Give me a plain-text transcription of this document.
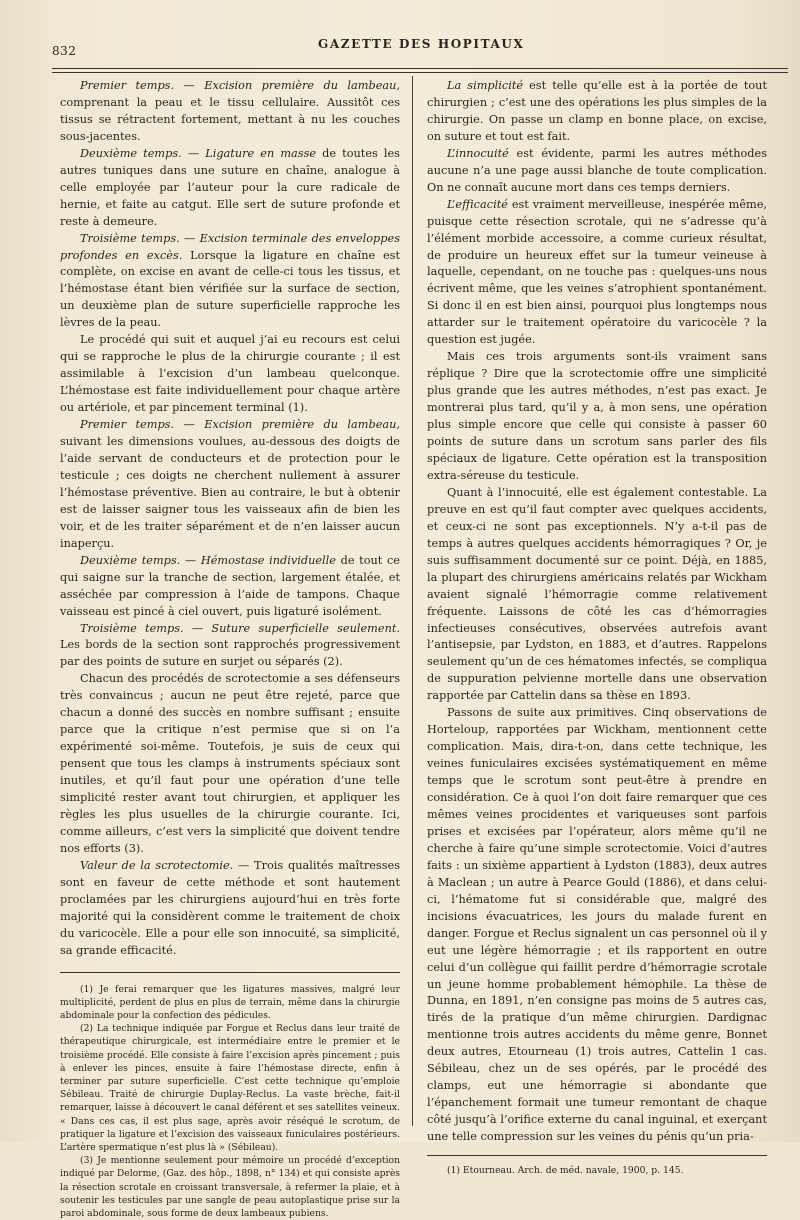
832	GAZETTE DES HOPITAUX

Premier temps. — Excision première du lambeau, comprenant la peau et le tissu cellulaire. Aussitôt ces tissus se rétractent fortement, mettant à nu les couches sous-jacentes.

Deuxième temps. — Ligature en masse de toutes les autres tuniques dans une suture en chaîne, analogue à celle employée par l’auteur pour la cure radicale de hernie, et faite au catgut. Elle sert de suture profonde et reste à demeure.

Troisième temps. — Excision terminale des enveloppes profondes en excès. Lorsque la ligature en chaîne est complète, on excise en avant de celle-ci tous les tissus, et l’hémostase étant bien vérifiée sur la surface de section, un deuxième plan de suture superficielle rapproche les lèvres de la peau.

Le procédé qui suit et auquel j’ai eu recours est celui qui se rapproche le plus de la chirurgie courante ; il est assimilable à l’excision d’un lambeau quelconque. L’hémostase est faite individuellement pour chaque artère ou artériole, et par pincement terminal (1).

Premier temps. — Excision première du lambeau, suivant les dimensions voulues, au-dessous des doigts de l’aide servant de conducteurs et de protection pour le testicule ; ces doigts ne cherchent nullement à assurer l’hémostase préventive. Bien au contraire, le but à obtenir est de laisser saigner tous les vaisseaux afin de bien les voir, et de les traiter séparément et de n’en laisser aucun inaperçu.

Deuxième temps. — Hémostase individuelle de tout ce qui saigne sur la tranche de section, largement étalée, et asséchée par compression à l’aide de tampons. Chaque vaisseau est pincé à ciel ouvert, puis ligaturé isolément.

Troisième temps. — Suture superficielle seulement. Les bords de la section sont rapprochés progressivement par des points de suture en surjet ou séparés (2).

Chacun des procédés de scrotectomie a ses défenseurs très convaincus ; aucun ne peut être rejeté, parce que chacun a donné des succès en nombre suffisant ; ensuite parce que la critique n’est permise que si on l’a expérimenté soi-même. Toutefois, je suis de ceux qui pensent que tous les clamps à instruments spéciaux sont inutiles, et qu’il faut pour une opération d’une telle simplicité rester avant tout chirurgien, et appliquer les règles les plus usuelles de la chirurgie courante. Ici, comme ailleurs, c’est vers la simplicité que doivent tendre nos efforts (3).

Valeur de la scrotectomie. — Trois qualités maîtresses sont en faveur de cette méthode et sont hautement proclamées par les chirurgiens aujourd’hui en très forte majorité qui la considèrent comme le traitement de choix du varicocèle. Elle a pour elle son innocuité, sa simplicité, sa grande efficacité.

(1) Je ferai remarquer que les ligatures massives, malgré leur multiplicité, perdent de plus en plus de terrain, même dans la chirurgie abdominale pour la confection des pédicules.

(2) La technique indiquée par Forgue et Reclus dans leur traité de thérapeutique chirurgicale, est intermédiaire entre le premier et le troisième procédé. Elle consiste à faire l’excision après pincement ; puis à enlever les pinces, ensuite à faire l’hémostase directe, enfin à terminer par suture superficielle. C’est cette technique qu’emploie Sébileau. Traité de chirurgie Duplay-Reclus. La vaste brèche, fait-il remarquer, laisse à découvert le canal déférent et ses satellites veineux. « Dans ces cas, il est plus sage, après avoir réséqué le scrotum, de pratiquer la ligature et l’excision des vaisseaux funiculaires postérieurs. L’artère spermatique n’est plus là » (Sébileau).

(3) Je mentionne seulement pour mémoire un procédé d’exception indiqué par Delorme, (Gaz. des hôp., 1898, n° 134) et qui consiste après la résection scrotale en croissant transversale, à refermer la plaie, et à soutenir les testicules par une sangle de peau autoplastique prise sur la paroi abdominale, sous forme de deux lambeaux pubiens.

La simplicité est telle qu’elle est à la portée de tout chirurgien ; c’est une des opérations les plus simples de la chirurgie. On passe un clamp en bonne place, on excise, on suture et tout est fait.

L’innocuité est évidente, parmi les autres méthodes aucune n’a une page aussi blanche de toute complication. On ne connaît aucune mort dans ces temps derniers.

L’efficacité est vraiment merveilleuse, inespérée même, puisque cette résection scrotale, qui ne s’adresse qu’à l’élément morbide accessoire, a comme curieux résultat, de produire un heureux effet sur la tumeur veineuse à laquelle, cependant, on ne touche pas : quelques-uns nous écrivent même, que les veines s’atrophient spontanément. Si donc il en est bien ainsi, pourquoi plus longtemps nous attarder sur le traitement opératoire du varicocèle ? la question est jugée.

Mais ces trois arguments sont-ils vraiment sans réplique ? Dire que la scrotectomie offre une simplicité plus grande que les autres méthodes, n’est pas exact. Je montrerai plus tard, qu’il y a, à mon sens, une opération plus simple encore que celle qui consiste à passer 60 points de suture dans un scrotum sans parler des fils spéciaux de ligature. Cette opération est la transposition extra-séreuse du testicule.

Quant à l’innocuité, elle est également contestable. La preuve en est qu’il faut compter avec quelques accidents, et ceux-ci ne sont pas exceptionnels. N’y a-t-il pas de temps à autres quelques accidents hémorragiques ? Or, je suis suffisamment documenté sur ce point. Déjà, en 1885, la plupart des chirurgiens américains relatés par Wickham avaient signalé l’hémorragie comme relativement fréquente. Laissons de côté les cas d’hémorragies infectieuses consécutives, observées autrefois avant l’antisepsie, par Lydston, en 1883, et d’autres. Rappelons seulement qu’un de ces hématomes infectés, se compliqua de suppuration pelvienne mortelle dans une observation rapportée par Cattelin dans sa thèse en 1893.

Passons de suite aux primitives. Cinq observations de Horteloup, rapportées par Wickham, mentionnent cette complication. Mais, dira-t-on, dans cette technique, les veines funiculaires excisées systématiquement en même temps que le scrotum sont peut-être à prendre en considération. Ce à quoi l’on doit faire remarquer que ces mêmes veines procidentes et variqueuses sont parfois prises et excisées par l’opérateur, alors même qu’il ne cherche à faire qu’une simple scrotectomie. Voici d’autres faits : un sixième appartient à Lydston (1883), deux autres à Maclean ; un autre à Pearce Gould (1886), et dans celui-ci, l’hématome fut si considérable que, malgré des incisions évacuatrices, les jours du malade furent en danger. Forgue et Reclus signalent un cas personnel où il y eut une légère hémorragie ; et ils rapportent en outre celui d’un collègue qui faillit perdre d’hémorragie scrotale un jeune homme probablement hémophile. La thèse de Dunna, en 1891, n’en consigne pas moins de 5 autres cas, tirés de la pratique d’un même chirurgien. Dardignac mentionne trois autres accidents du même genre, Bonnet deux autres, Etourneau (1) trois autres, Cattelin 1 cas. Sébileau, chez un de ses opérés, par le procédé des clamps, eut une hémorragie si abondante que l’épanchement formait une tumeur remontant de chaque côté jusqu’à l’orifice externe du canal inguinal, et exerçant une telle compression sur les veines du pénis qu’un pria-

(1) Etourneau. Arch. de méd. navale, 1900, p. 145.
